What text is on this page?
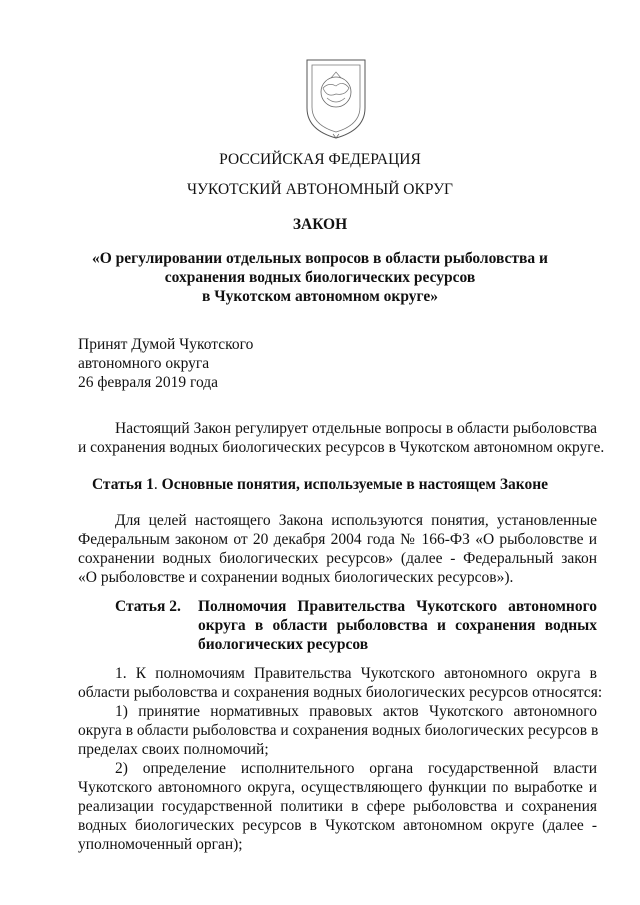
РОССИЙСКАЯ ФЕДЕРАЦИЯ
ЧУКОТСКИЙ АВТОНОМНЫЙ ОКРУГ
ЗАКОН
«О регулировании отдельных вопросов в области рыболовства и
сохранения водных биологических ресурсов
в Чукотском автономном округе»
Принят Думой Чукотского
автономного округа
26 февраля 2019 года
Настоящий Закон регулирует отдельные вопросы в области рыболовства
и сохранения водных биологических ресурсов в Чукотском автономном округе.
Статья 1. Основные понятия, используемые в настоящем Законе
Для целей настоящего Закона используются понятия, установленные
Федеральным законом от 20 декабря 2004 года № 166-ФЗ «О рыболовстве и
сохранении водных биологических ресурсов» (далее - Федеральный закон
«О рыболовстве и сохранении водных биологических ресурсов»).
Статья 2. Полномочия Правительства Чукотского автономного
округа в области рыболовства и сохранения водных
биологических ресурсов
1. К полномочиям Правительства Чукотского автономного округа в
области рыболовства и сохранения водных биологических ресурсов относятся:
1) принятие нормативных правовых актов Чукотского автономного
округа в области рыболовства и сохранения водных биологических ресурсов в
пределах своих полномочий;
2) определение исполнительного органа государственной власти
Чукотского автономного округа, осуществляющего функции по выработке и
реализации государственной политики в сфере рыболовства и сохранения
водных биологических ресурсов в Чукотском автономном округе (далее -
уполномоченный орган);
